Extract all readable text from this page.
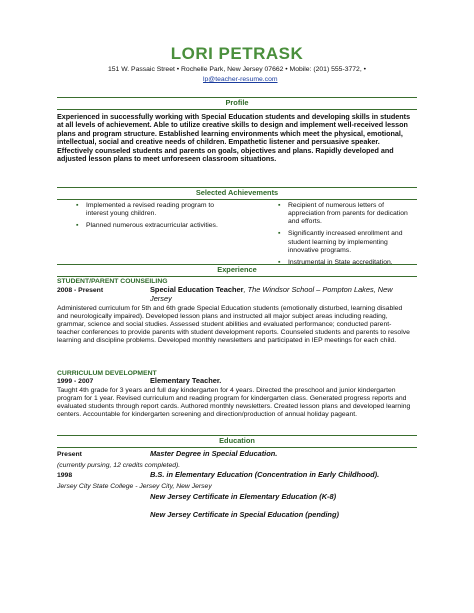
LORI PETRASK
151 W. Passaic Street • Rochelle Park, New Jersey 07662 • Mobile: (201) 555-3772, •
lp@teacher-resume.com
Profile
Experienced in successfully working with Special Education students and developing skills in students at all levels of achievement. Able to utilize creative skills to design and implement well-received lesson plans and program structure. Established learning environments which meet the physical, emotional, intellectual, social and creative needs of children. Empathetic listener and persuasive speaker. Effectively counseled students and parents on goals, objectives and plans. Rapidly developed and adjusted lesson plans to meet unforeseen classroom situations.
Selected Achievements
▪ Implemented a revised reading program to interest young children.
▪ Planned numerous extracurricular activities.
▪ Recipient of numerous letters of appreciation from parents for dedication and efforts.
▪ Significantly increased enrollment and student learning by implementing innovative programs.
▪ Instrumental in State accreditation.
Experience
STUDENT/PARENT COUNSEILING
2008 - Present	Special Education Teacher, The Windsor School – Pompton Lakes, New
Jersey
Administered curriculum for 5th and 6th grade Special Education students (emotionally disturbed, learning disabled and neurologically impaired). Developed lesson plans and instructed all major subject areas including reading, grammar, science and social studies. Assessed student abilities and evaluated performance; conducted parent-teacher conferences to provide parents with student development reports. Counseled students and parents to resolve learning and discipline problems. Developed monthly newsletters and participated in IEP meetings for each child.
CURRICULUM DEVELOPMENT
1999 - 2007	Elementary Teacher.
Taught 4th grade for 3 years and full day kindergarten for 4 years. Directed the preschool and junior kindergarten program for 1 year. Revised curriculum and reading program for kindergarten class. Generated progress reports and evaluated students through report cards. Authored monthly newsletters. Created lesson plans and developed learning centers. Accountable for kindergarten screening and direction/production of annual holiday pageant.
Education
Present	Master Degree in Special Education.
(currently pursing, 12 credits completed).
1998	B.S. in Elementary Education (Concentration in Early Childhood).
Jersey City State College - Jersey City, New Jersey
New Jersey Certificate in Elementary Education (K-8)
New Jersey Certificate in Special Education (pending)
